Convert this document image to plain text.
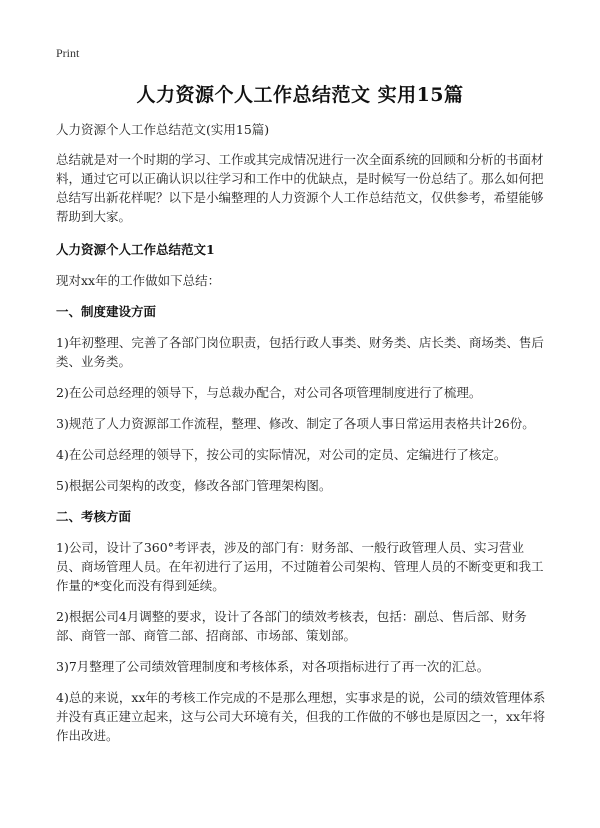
Print
人力资源个人工作总结范文 实用15篇

人力资源个人工作总结范文(实用15篇)

总结就是对一个时期的学习、工作或其完成情况进行一次全面系统的回顾和分析的书面材料，通过它可以正确认识以往学习和工作中的优缺点，是时候写一份总结了。那么如何把总结写出新花样呢？以下是小编整理的人力资源个人工作总结范文，仅供参考，希望能够帮助到大家。

人力资源个人工作总结范文1

现对xx年的工作做如下总结：

一、制度建设方面

1)年初整理、完善了各部门岗位职责，包括行政人事类、财务类、店长类、商场类、售后类、业务类。

2)在公司总经理的领导下，与总裁办配合，对公司各项管理制度进行了梳理。

3)规范了人力资源部工作流程，整理、修改、制定了各项人事日常运用表格共计26份。

4)在公司总经理的领导下，按公司的实际情况，对公司的定员、定编进行了核定。

5)根据公司架构的改变，修改各部门管理架构图。

二、考核方面

1)公司，设计了360°考评表，涉及的部门有：财务部、一般行政管理人员、实习营业员、商场管理人员。在年初进行了运用，不过随着公司架构、管理人员的不断变更和我工作量的*变化而没有得到延续。

2)根据公司4月调整的要求，设计了各部门的绩效考核表，包括：副总、售后部、财务部、商管一部、商管二部、招商部、市场部、策划部。

3)7月整理了公司绩效管理制度和考核体系，对各项指标进行了再一次的汇总。

4)总的来说，xx年的考核工作完成的不是那么理想，实事求是的说，公司的绩效管理体系并没有真正建立起来，这与公司大环境有关，但我的工作做的不够也是原因之一，xx年将作出改进。
